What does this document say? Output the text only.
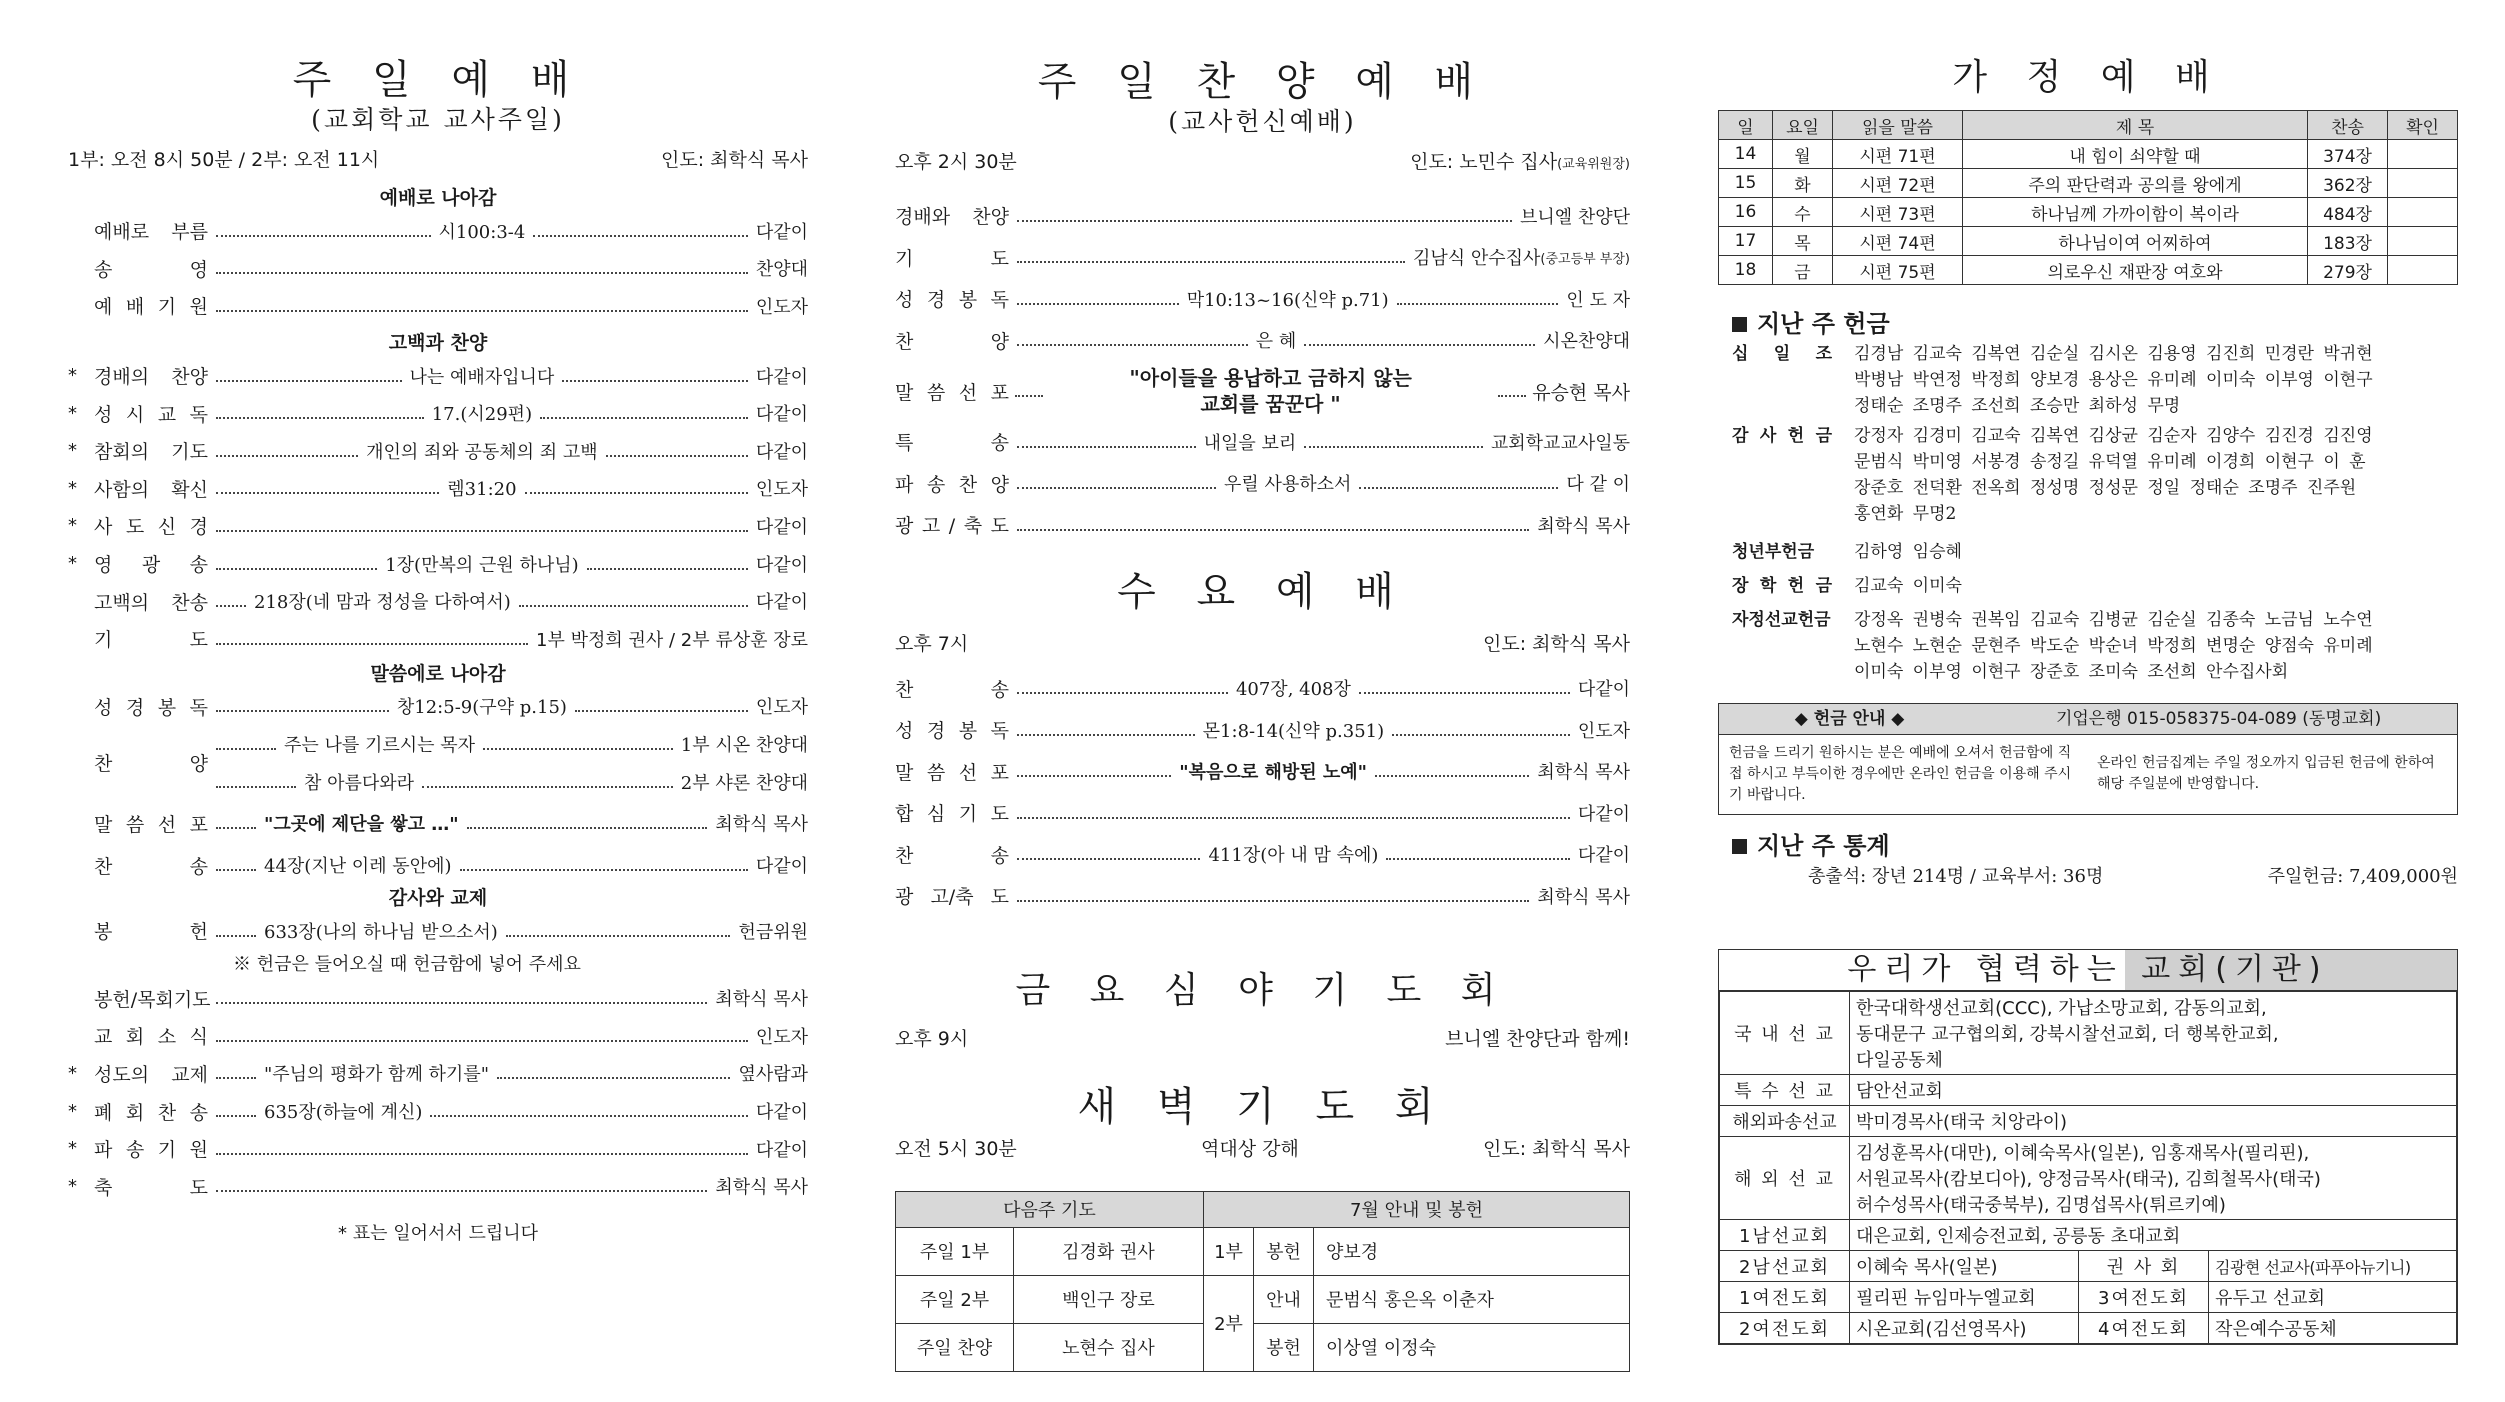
주 일 예 배
(교회학교 교사주일)
1부: 오전 8시 50분 / 2부: 오전 11시	인도: 최학식 목사
예배로 나아감
예배로 부름	시100:3-4	다같이
송 영	찬양대
예 배 기 원	인도자
고백과 찬양
* 경배의 찬양	나는 예배자입니다	다같이
* 성 시 교 독	17.(시29편)	다같이
* 참회의 기도	개인의 죄와 공동체의 죄 고백	다같이
* 사함의 확신	렘31:20	인도자
* 사 도 신 경	다같이
* 영 광 송	1장(만복의 근원 하나님)	다같이
고백의 찬송	218장(네 맘과 정성을 다하여서)	다같이
기 도	1부 박정희 권사 / 2부 류상훈 장로
말씀에로 나아감
성 경 봉 독	창12:5-9(구약 p.15)	인도자
찬 양
주는 나를 기르시는 목자	1부 시온 찬양대
참 아름다와라	2부 샤론 찬양대
말 씀 선 포	"그곳에 제단을 쌓고 …"	최학식 목사
찬 송	44장(지난 이레 동안에)	다같이
감사와 교제
봉 헌	633장(나의 하나님 받으소서)	헌금위원
※ 헌금은 들어오실 때 헌금함에 넣어 주세요
봉헌/목회기도	최학식 목사
교 회 소 식	인도자
* 성도의 교제	"주님의 평화가 함께 하기를"	옆사람과
* 폐 회 찬 송	635장(하늘에 계신)	다같이
* 파 송 기 원	다같이
* 축 도	최학식 목사
* 표는 일어서서 드립니다
주 일 찬 양 예 배
(교사헌신예배)
오후 2시 30분	인도: 노민수 집사(교육위원장)
경배와 찬양	브니엘 찬양단
기 도	김남식 안수집사 (중고등부 부장)
성 경 봉 독	막10:13~16(신약 p.71)	인 도 자
찬 양	은 혜	시온찬양대
말 씀 선 포
"아이들을 용납하고 금하지 않는
교회를 꿈꾼다 "	유승현 목사
특 송	내일을 보리	교회학교교사일동
파 송 찬 양	우릴 사용하소서	다 같 이
광 고 / 축 도	최학식 목사
수 요 예 배
오후 7시	인도: 최학식 목사
찬 송	407장, 408장	다같이
성 경 봉 독	몬1:8-14(신약 p.351)	인도자
말 씀 선 포	"복음으로 해방된 노예"	최학식 목사
합 심 기 도	다같이
찬 송	411장(아 내 맘 속에)	다같이
광 고/축 도	최학식 목사
금 요 심 야 기 도 회
오후 9시	브니엘 찬양단과 함께!
새 벽 기 도 회
오전 5시 30분	역대상 강해	인도: 최학식 목사
다음주 기도		7월 안내 및 봉헌		
주일 1부	김경화 권사	1부	봉헌	양보경
주일 2부	백인구 장로	2부	안내	문범식 홍은옥 이춘자
주일 찬양	노현수 집사		봉헌	이상열 이정숙
가 정 예 배
일	요일	읽을 말씀	제 목	찬송	확인
14	월	시편 71편	내 힘이 쇠약할 때	374장	
15	화	시편 72편	주의 판단력과 공의를 왕에게	362장	
16	수	시편 73편	하나님께 가까이함이 복이라	484장	
17	목	시편 74편	하나님이여 어찌하여	183장	
18	금	시편 75편	의로우신 재판장 여호와	279장	
지난 주 헌금
십 일 조	김경남 김교숙 김복연 김순실 김시온 김용영 김진희 민경란 박귀현
박병남 박연정 박정희 양보경 용상은 유미례 이미숙 이부영 이현구
정태순 조명주 조선희 조승만 최하성 무명
감 사 헌 금	강정자 김경미 김교숙 김복연 김상균 김순자 김양수 김진경 김진영
문범식 박미영 서봉경 송정길 유덕열 유미례 이경희 이현구 이 훈
장준호 전덕환 전옥희 정성명 정성문 정일 정태순 조명주 진주원
홍연화 무명2
청년부헌금	김하영 임승혜
장 학 헌 금	김교숙 이미숙
자정선교헌금	강정옥 권병숙 권복임 김교숙 김병균 김순실 김종숙 노금님 노수연
노현수 노현순 문현주 박도순 박순녀 박정희 변명순 양점숙 유미례
이미숙 이부영 이현구 장준호 조미숙 조선희 안수집사회
◆ 헌금 안내 ◆	기업은행 015-058375-04-089 (동명교회)
헌금을 드리기 원하시는 분은 예배에 오셔서 헌금함에 직접 하시고 부득이한 경우에만 온라인 헌금을 이용해 주시기 바랍니다.
온라인 헌금집계는 주일 정오까지 입금된 헌금에 한하여 해당 주일분에 반영합니다.
지난 주 통계
총출석: 장년 214명 / 교육부서: 36명	주일헌금: 7,409,000원
우리가 협력하는 교회(기관)
국 내 선 교	한국대학생선교회(CCC), 가납소망교회, 감동의교회,
동대문구 교구협의회, 강북시찰선교회, 더 행복한교회,
다일공동체		

특 수 선 교	담안선교회		
해외파송선교	박미경목사(태국 치앙라이)		
해 외 선 교	김성훈목사(대만), 이혜숙목사(일본), 임홍재목사(필리핀),
서원교목사(캄보디아), 양정금목사(태국), 김희철목사(태국)
허수성목사(태국중북부), 김명섭목사(튀르키예)		

1남선교회	대은교회, 인제승전교회, 공릉동 초대교회		
2남선교회	이혜숙 목사(일본)	권 사 회	김광현 선교사(파푸아뉴기니)
1여전도회	필리핀 뉴임마누엘교회	3여전도회	유두고 선교회
2여전도회	시온교회(김선영목사)	4여전도회	작은예수공동체
